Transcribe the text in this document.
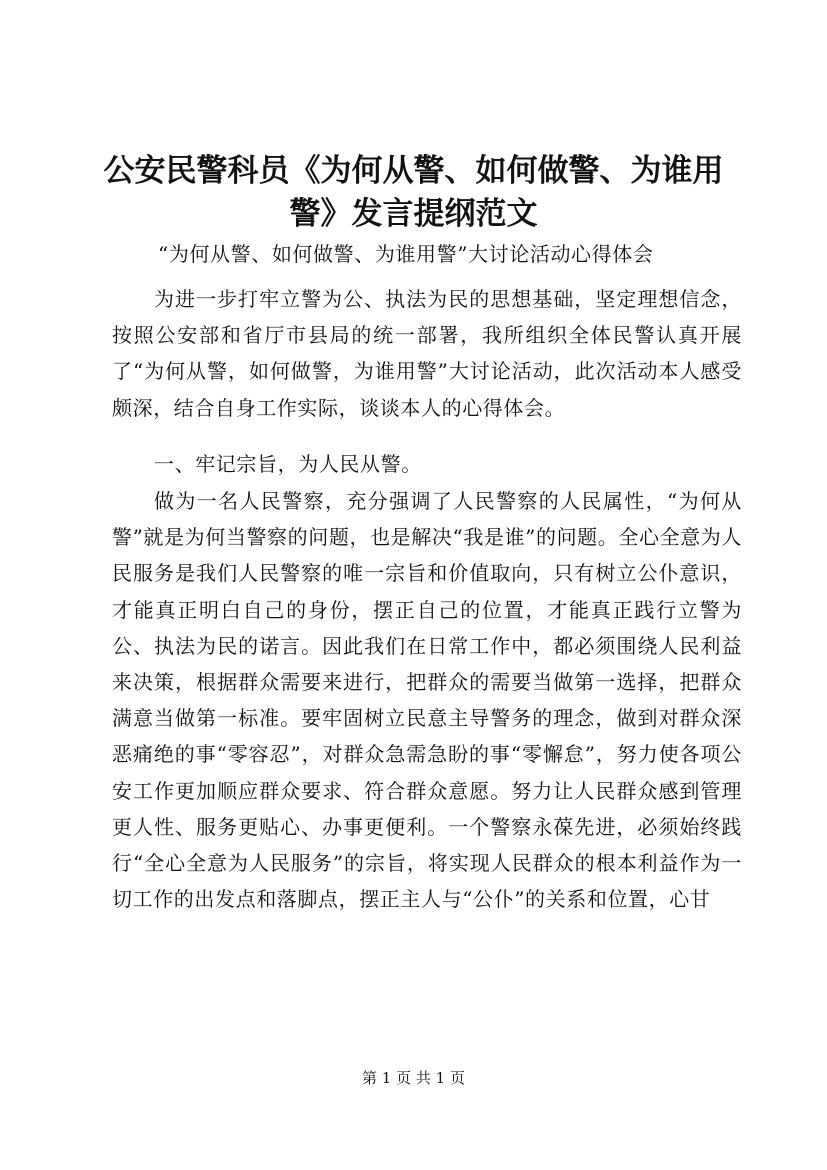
公安民警科员《为何从警、如何做警、为谁用
警》发言提纲范文

“为何从警、如何做警、为谁用警”大讨论活动心得体会

为进一步打牢立警为公、执法为民的思想基础，坚定理想信念，按照公安部和省厅市县局的统一部署，我所组织全体民警认真开展了“为何从警，如何做警，为谁用警”大讨论活动，此次活动本人感受颇深，结合自身工作实际，谈谈本人的心得体会。

一、牢记宗旨，为人民从警。

做为一名人民警察，充分强调了人民警察的人民属性，“为何从警”就是为何当警察的问题，也是解决“我是谁”的问题。全心全意为人民服务是我们人民警察的唯一宗旨和价值取向，只有树立公仆意识，才能真正明白自己的身份，摆正自己的位置，才能真正践行立警为公、执法为民的诺言。因此我们在日常工作中，都必须围绕人民利益来决策，根据群众需要来进行，把群众的需要当做第一选择，把群众满意当做第一标准。要牢固树立民意主导警务的理念，做到对群众深恶痛绝的事“零容忍”，对群众急需急盼的事“零懈怠”，努力使各项公安工作更加顺应群众要求、符合群众意愿。努力让人民群众感到管理更人性、服务更贴心、办事更便利。一个警察永葆先进，必须始终践行“全心全意为人民服务”的宗旨，将实现人民群众的根本利益作为一切工作的出发点和落脚点，摆正主人与“公仆”的关系和位置，心甘

第 1 页 共 1 页
